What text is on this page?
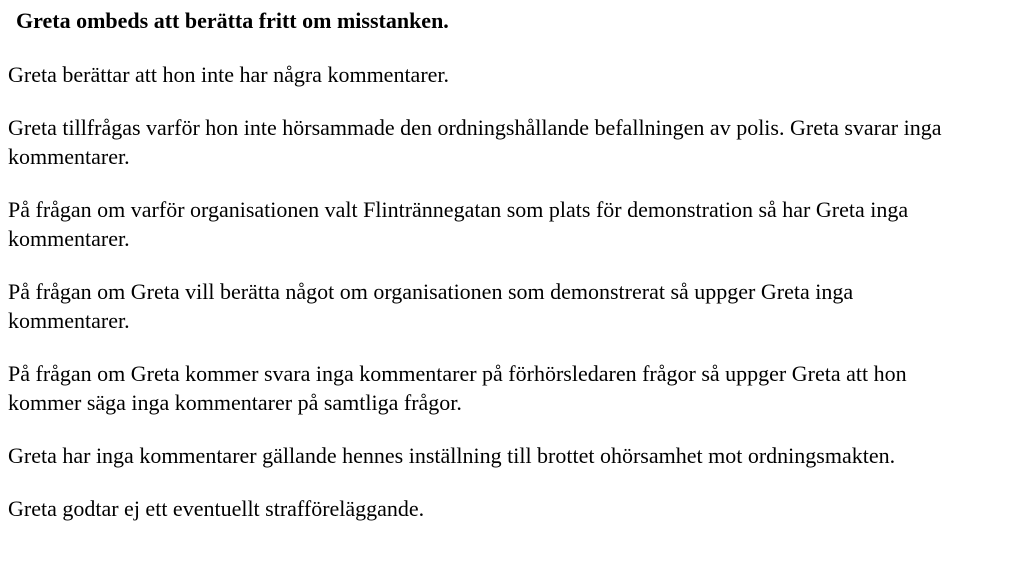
Greta ombeds att berätta fritt om misstanken.

Greta berättar att hon inte har några kommentarer.

Greta tillfrågas varför hon inte hörsammade den ordningshållande befallningen av polis. Greta svarar inga kommentarer.

På frågan om varför organisationen valt Flintrännegatan som plats för demonstration så har Greta inga kommentarer.

På frågan om Greta vill berätta något om organisationen som demonstrerat så uppger Greta inga kommentarer.

På frågan om Greta kommer svara inga kommentarer på förhörsledaren frågor så uppger Greta att hon kommer säga inga kommentarer på samtliga frågor.

Greta har inga kommentarer gällande hennes inställning till brottet ohörsamhet mot ordningsmakten.

Greta godtar ej ett eventuellt strafföreläggande.
